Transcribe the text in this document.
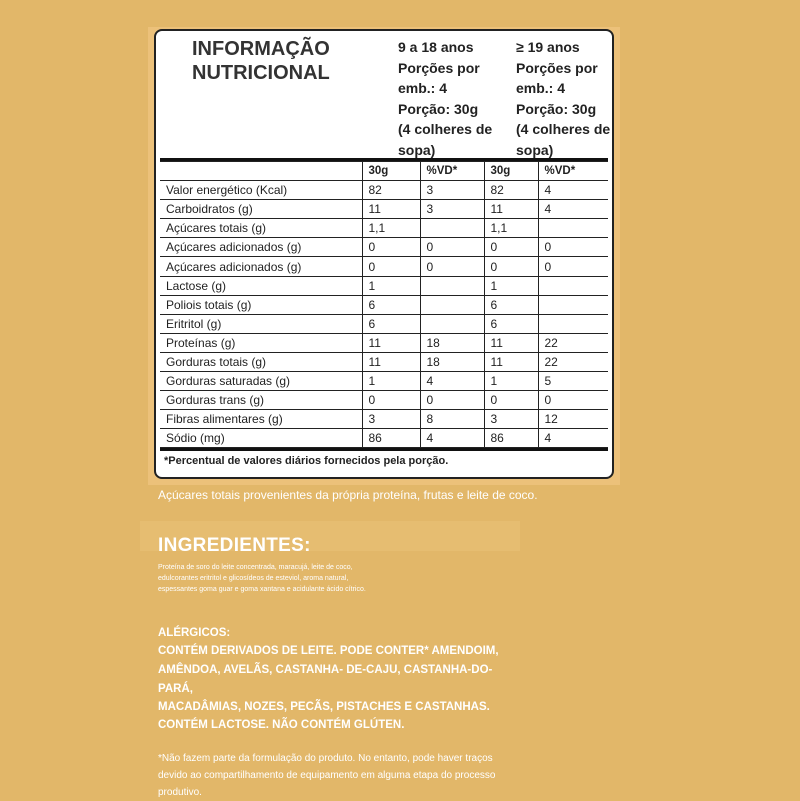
INFORMAÇÃO
NUTRICIONAL
9 a 18 anos
Porções por
emb.: 4
Porção: 30g
(4 colheres de
sopa)
≥ 19 anos
Porções por
emb.: 4
Porção: 30g
(4 colheres de
sopa)
	30g	%VD*	30g	%VD*
Valor energético (Kcal)	82	3	82	4
Carboidratos (g)	11	3	11	4
Açúcares totais (g)	1,1		1,1	
Açúcares adicionados (g)	0	0	0	0
Açúcares adicionados (g)	0	0	0	0
Lactose (g)	1		1	
Poliois totais (g)	6		6	
Eritritol (g)	6		6	
Proteínas (g)	11	18	11	22
Gorduras totais (g)	11	18	11	22
Gorduras saturadas (g)	1	4	1	5
Gorduras trans (g)	0	0	0	0
Fibras alimentares (g)	3	8	3	12
Sódio (mg)	86	4	86	4
*Percentual de valores diários fornecidos pela porção.
Açúcares totais provenientes da própria proteína, frutas e leite de coco.
INGREDIENTES:
Proteína de soro do leite concentrada, maracujá, leite de coco, edulcorantes eritritol e glicosídeos de esteviol, aroma natural, espessantes goma guar e goma xantana e acidulante ácido cítrico.
ALÉRGICOS:
CONTÉM DERIVADOS DE LEITE. PODE CONTER* AMENDOIM,
AMÊNDOA, AVELÃS, CASTANHA- DE-CAJU, CASTANHA-DO-
PARÁ,
MACADÂMIAS, NOZES, PECÃS, PISTACHES E CASTANHAS.
CONTÉM LACTOSE. NÃO CONTÉM GLÚTEN.
*Não fazem parte da formulação do produto. No entanto, pode haver traços devido ao compartilhamento de equipamento em alguma etapa do processo produtivo.
